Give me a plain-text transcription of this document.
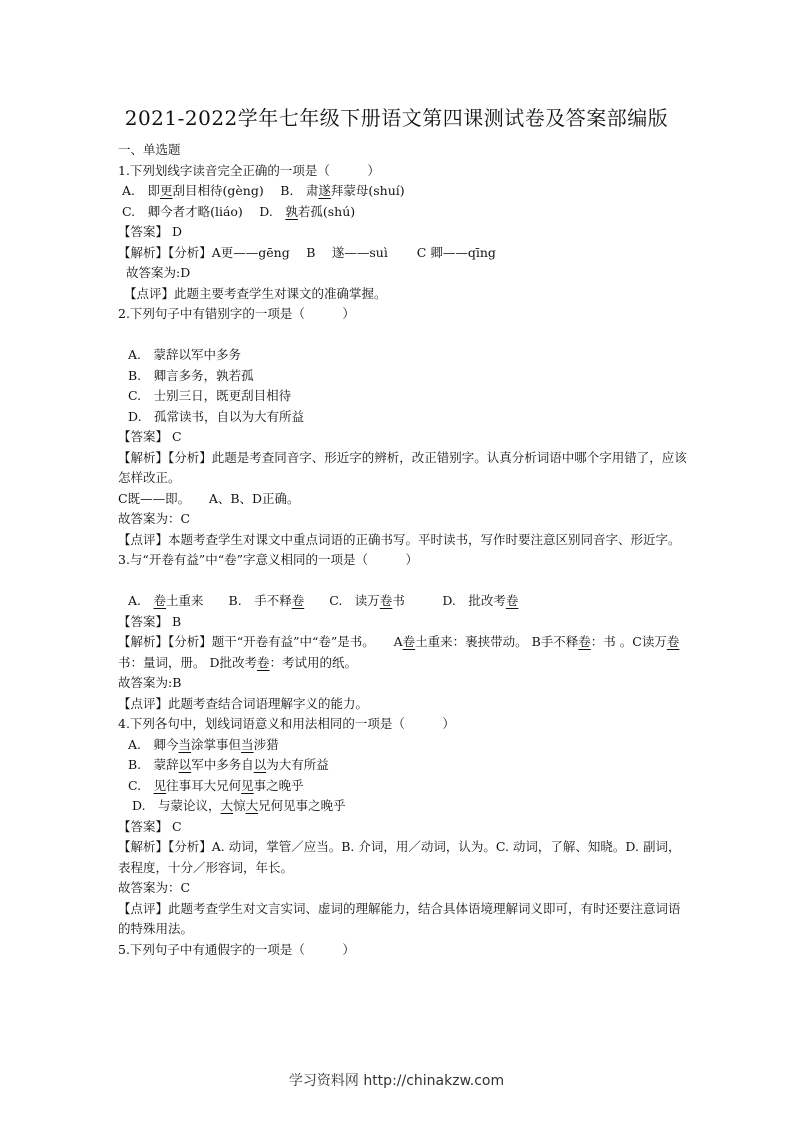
2021-2022学年七年级下册语文第四课测试卷及答案部编版
一、单选题
1.下列划线字读音完全正确的一项是（　　　）
A.　即更刮目相待(gèng)　 B.　肃遂拜蒙母(shuí)
C.　卿今者才略(liáo)　 D.　孰若孤(shú)
【答案】 D
【解析】【分析】A更——gēng　 B　 遂——suì　　 C 卿——qīng
故答案为:D
【点评】此题主要考查学生对课文的准确掌握。
2.下列句子中有错别字的一项是（　　　）
A.　蒙辞以军中多务
B.　卿言多务，孰若孤
C.　士别三日，既更刮目相待
D.　孤常读书，自以为大有所益
【答案】 C
【解析】【分析】此题是考查同音字、形近字的辨析，改正错别字。认真分析词语中哪个字用错了，应该怎样改正。
C既——即。　　A、B、D正确。
故答案为：C
【点评】本题考查学生对课文中重点词语的正确书写。平时读书，写作时要注意区别同音字、形近字。
3.与“开卷有益”中“卷”字意义相同的一项是（　　　）
A.　卷土重来　　B.　手不释卷　　C.　读万卷书　　　D.　批改考卷
【答案】 B
【解析】【分析】题干“开卷有益”中“卷”是书。　　A卷土重来：裹挟带动。 B手不释卷：书 。C读万卷书：量词，册。 D批改考卷：考试用的纸。
故答案为:B
【点评】此题考查结合词语理解字义的能力。
4.下列各句中，划线词语意义和用法相同的一项是（　　　）
A.　卿今当涂掌事但当涉猎
B.　蒙辞以军中多务自以为大有所益
C.　见往事耳大兄何见事之晚乎
D.　与蒙论议，大惊大兄何见事之晚乎
【答案】 C
【解析】【分析】A. 动词，掌管／应当。B. 介词，用／动词，认为。C. 动词，了解、知晓。D. 副词，表程度，十分／形容词，年长。
故答案为：C
【点评】此题考查学生对文言实词、虚词的理解能力，结合具体语境理解词义即可，有时还要注意词语的特殊用法。
5.下列句子中有通假字的一项是（　　　）
学习资料网 http://chinakzw.com
